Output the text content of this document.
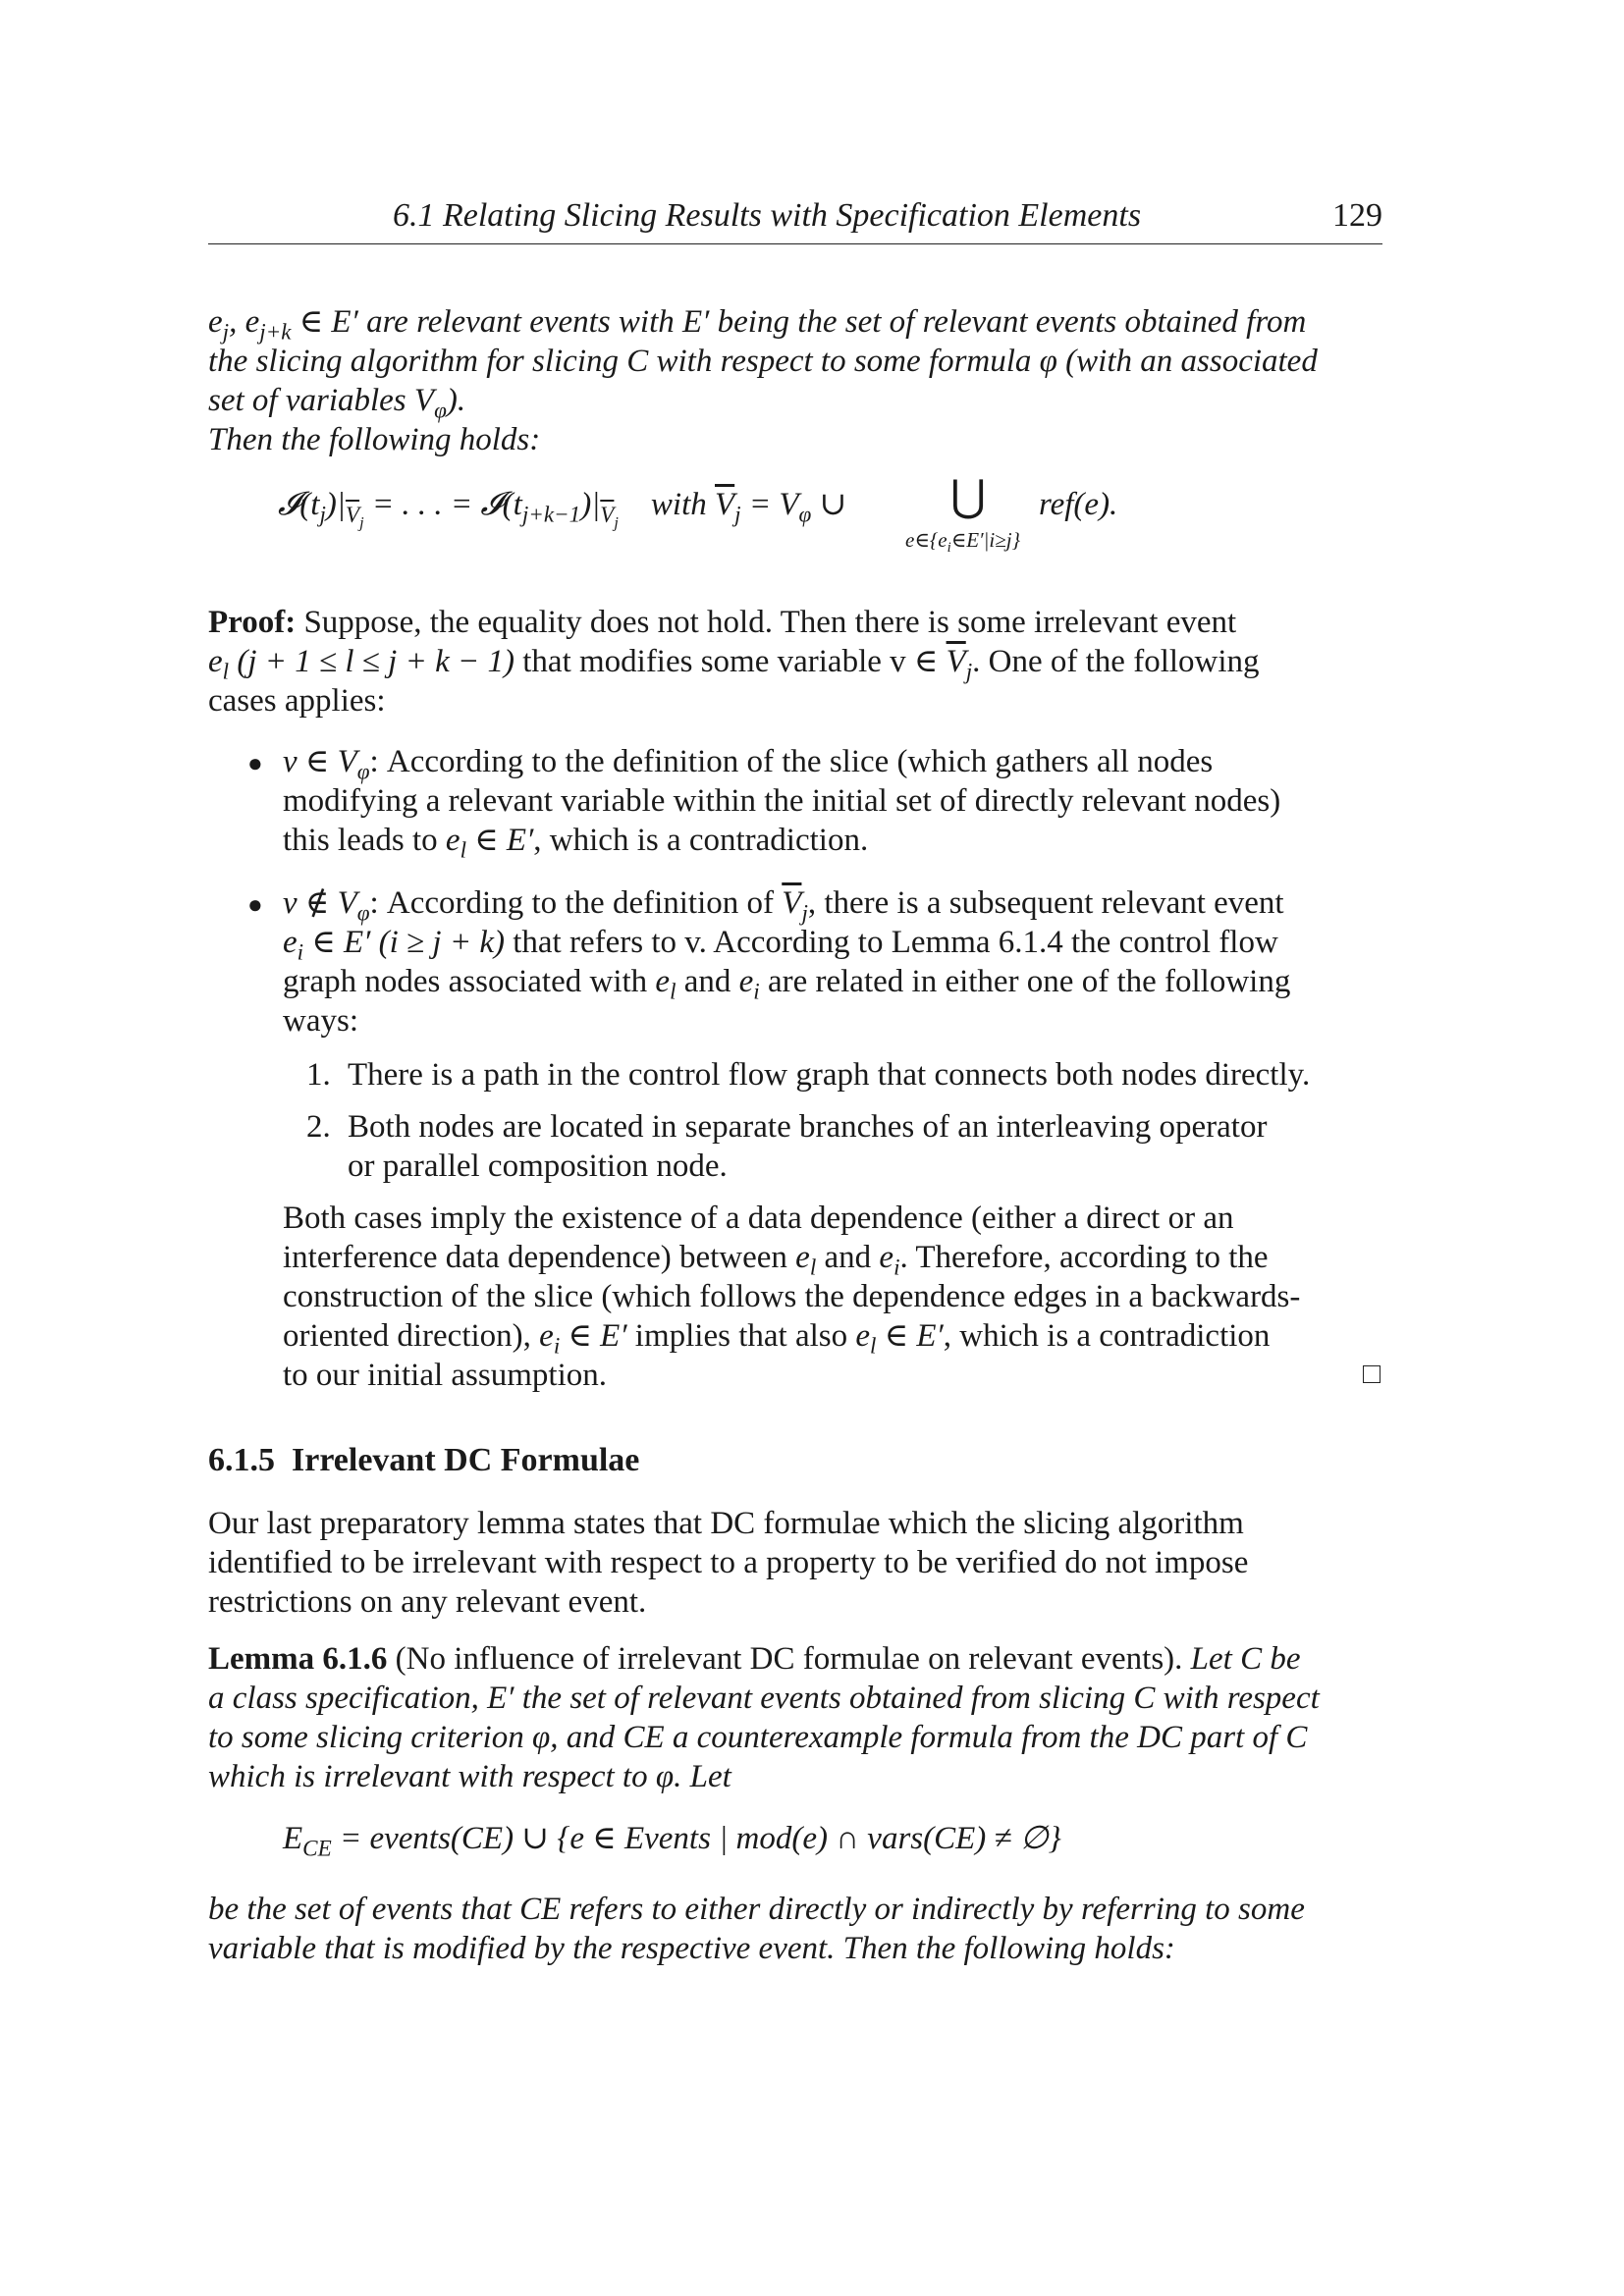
6.1 Relating Slicing Results with Specification Elements	129
$e_j$, $e_{j+k}$ ∈ E′ are relevant events with E′ being the set of relevant events obtained from
the slicing algorithm for slicing C with respect to some formula φ (with an associated
set of variables $V_\varphi$).
Then the following holds:
$𝓘(t_j)|_{\overline{V}_j}$ = . . . = $𝓘(t_{j+k-1})|_{\overline{V}_j}$    with $\overline{V}_j = V_\varphi$ ∪ ⋃ ref(e).
$e\in\{e_i\in E'|i\ge j\}$
Proof: Suppose, the equality does not hold. Then there is some irrelevant event
$e_l$ (j + 1 ≤ l ≤ j + k − 1) that modifies some variable v ∈ $\overline{V}_j$. One of the following
cases applies:
● v ∈ $V_\varphi$: According to the definition of the slice (which gathers all nodes
modifying a relevant variable within the initial set of directly relevant nodes)
this leads to $e_l$ ∈ E′, which is a contradiction.
● v ∉ $V_\varphi$: According to the definition of $\overline{V}_j$, there is a subsequent relevant event
$e_i$ ∈ E′ (i ≥ j + k) that refers to v. According to Lemma 6.1.4 the control flow
graph nodes associated with $e_l$ and $e_i$ are related in either one of the following
ways:
1. There is a path in the control flow graph that connects both nodes directly.
2. Both nodes are located in separate branches of an interleaving operator
or parallel composition node.
Both cases imply the existence of a data dependence (either a direct or an
interference data dependence) between $e_l$ and $e_i$. Therefore, according to the
construction of the slice (which follows the dependence edges in a backwards-
oriented direction), $e_i$ ∈ E′ implies that also $e_l$ ∈ E′, which is a contradiction
to our initial assumption.
6.1.5 Irrelevant DC Formulae
Our last preparatory lemma states that DC formulae which the slicing algorithm
identified to be irrelevant with respect to a property to be verified do not impose
restrictions on any relevant event.
Lemma 6.1.6 (No influence of irrelevant DC formulae on relevant events). Let C be
a class specification, E′ the set of relevant events obtained from slicing C with respect
to some slicing criterion φ, and CE a counterexample formula from the DC part of C
which is irrelevant with respect to φ. Let
$E_{CE}$ = events(CE) ∪ {e ∈ Events | mod(e) ∩ vars(CE) ≠ ∅}
be the set of events that CE refers to either directly or indirectly by referring to some
variable that is modified by the respective event. Then the following holds:
